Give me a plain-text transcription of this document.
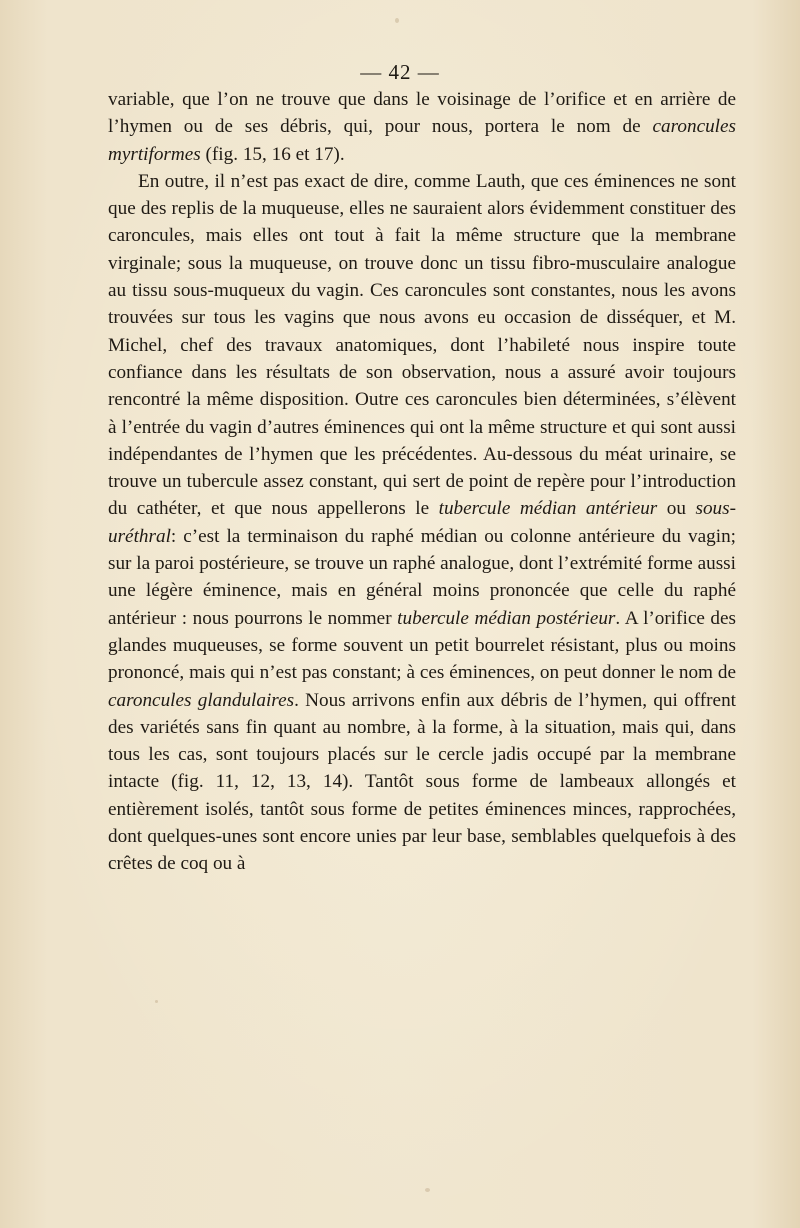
— 42 —

variable, que l’on ne trouve que dans le voisinage de l’orifice et en arrière de l’hymen ou de ses débris, qui, pour nous, portera le nom de caroncules myrtiformes (fig. 15, 16 et 17).

En outre, il n’est pas exact de dire, comme Lauth, que ces éminences ne sont que des replis de la muqueuse, elles ne sauraient alors évidemment constituer des caroncules, mais elles ont tout à fait la même structure que la membrane virginale; sous la muqueuse, on trouve donc un tissu fibro-musculaire analogue au tissu sous-muqueux du vagin. Ces caroncules sont constantes, nous les avons trouvées sur tous les vagins que nous avons eu occasion de disséquer, et M. Michel, chef des travaux anatomiques, dont l’habileté nous inspire toute confiance dans les résultats de son observation, nous a assuré avoir toujours rencontré la même disposition. Outre ces caroncules bien déterminées, s’élèvent à l’entrée du vagin d’autres éminences qui ont la même structure et qui sont aussi indépendantes de l’hymen que les précédentes. Au-dessous du méat urinaire, se trouve un tubercule assez constant, qui sert de point de repère pour l’introduction du cathéter, et que nous appellerons le tubercule médian antérieur ou sous-uréthral: c’est la terminaison du raphé médian ou colonne antérieure du vagin; sur la paroi postérieure, se trouve un raphé analogue, dont l’extrémité forme aussi une légère éminence, mais en général moins prononcée que celle du raphé antérieur : nous pourrons le nommer tubercule médian postérieur. A l’orifice des glandes muqueuses, se forme souvent un petit bourrelet résistant, plus ou moins prononcé, mais qui n’est pas constant; à ces éminences, on peut donner le nom de caroncules glandulaires. Nous arrivons enfin aux débris de l’hymen, qui offrent des variétés sans fin quant au nombre, à la forme, à la situation, mais qui, dans tous les cas, sont toujours placés sur le cercle jadis occupé par la membrane intacte (fig. 11, 12, 13, 14). Tantôt sous forme de lambeaux allongés et entièrement isolés, tantôt sous forme de petites éminences minces, rapprochées, dont quelques-unes sont encore unies par leur base, semblables quelquefois à des crêtes de coq ou à
